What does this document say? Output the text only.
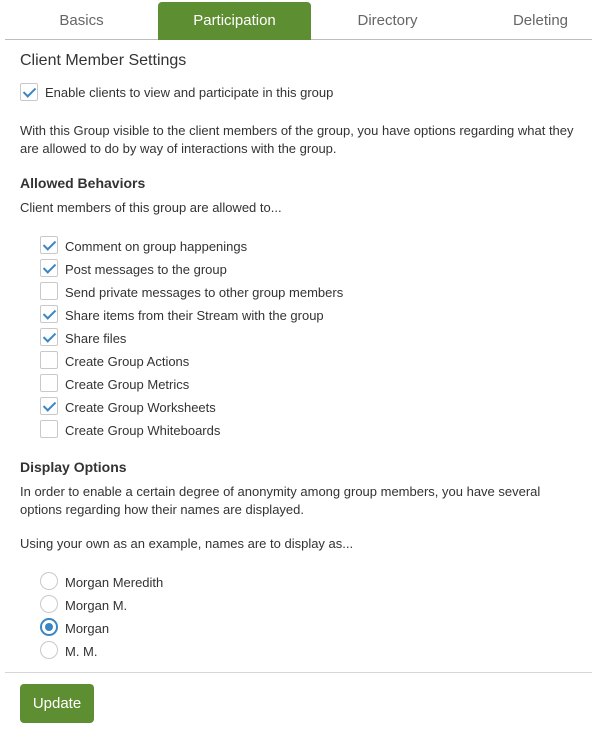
Basics	Participation	Directory	Deleting
Client Member Settings
Enable clients to view and participate in this group
With this Group visible to the client members of the group, you have options regarding what they are allowed to do by way of interactions with the group.
Allowed Behaviors
Client members of this group are allowed to...
Comment on group happenings
Post messages to the group
Send private messages to other group members
Share items from their Stream with the group
Share files
Create Group Actions
Create Group Metrics
Create Group Worksheets
Create Group Whiteboards
Display Options
In order to enable a certain degree of anonymity among group members, you have several options regarding how their names are displayed.
Using your own as an example, names are to display as...
Morgan Meredith
Morgan M.
Morgan
M. M.
Update
